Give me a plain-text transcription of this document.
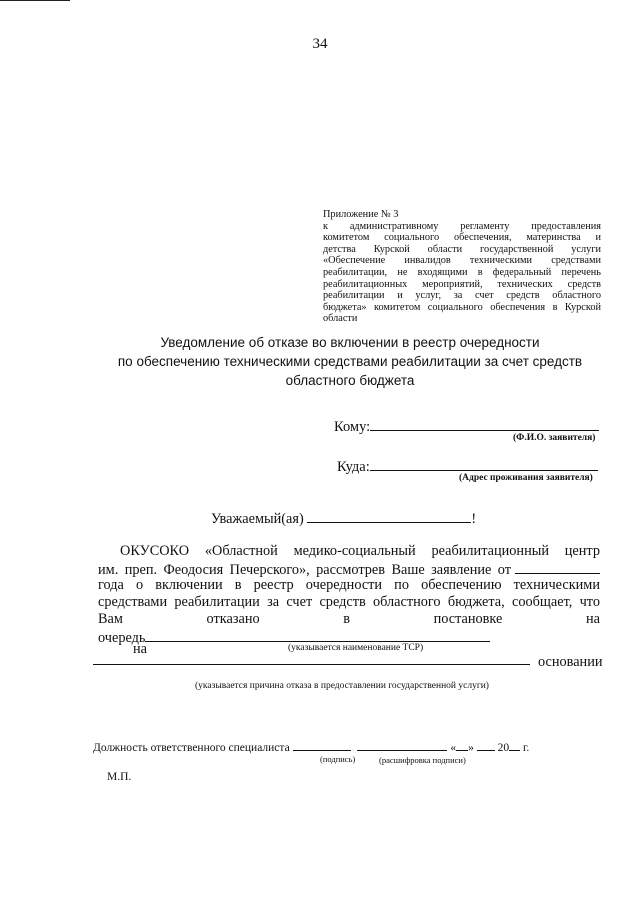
34
Приложение № 3
к административному регламенту предоставления
комитетом социального обеспечения, материнства и
детства Курской области государственной услуги
«Обеспечение инвалидов техническими средствами
реабилитации, не входящими в федеральный перечень
реабилитационных мероприятий, технических средств
реабилитации и услуг, за счет средств областного
бюджета» комитетом социального обеспечения в Курской
области
Уведомление об отказе во включении в реестр очередности
по обеспечению техническими средствами реабилитации за счет средств
областного бюджета
Кому:
(Ф.И.О. заявителя)
Куда:
(Адрес проживания заявителя)
Уважаемый(ая)	!
ОКУСОКО «Областной медико-социальный реабилитационный центр
им. преп. Феодосия Печерского», рассмотрев Ваше заявление от
года о включении в реестр очередности по обеспечению техническими
средствами реабилитации за счет средств областного бюджета, сообщает, что
Вам	отказано	в	постановке	на
очередь
(указывается наименование ТСР)
на
основании
(указывается причина отказа в предоставлении государственной услуги)
Должность ответственного специалиста	« » 20 г.
(подпись)	(расшифровка подписи)
М.П.
